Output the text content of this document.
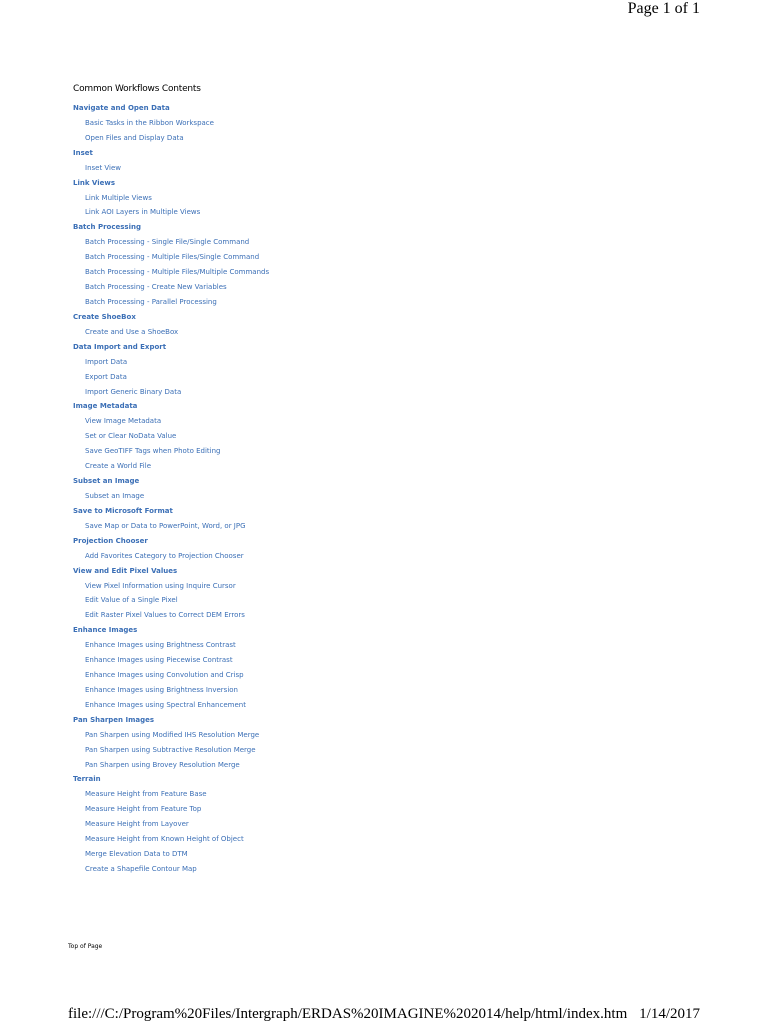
Page 1 of 1
Common Workflows Contents
Navigate and Open Data
Basic Tasks in the Ribbon Workspace
Open Files and Display Data
Inset
Inset View
Link Views
Link Multiple Views
Link AOI Layers in Multiple Views
Batch Processing
Batch Processing - Single File/Single Command
Batch Processing - Multiple Files/Single Command
Batch Processing - Multiple Files/Multiple Commands
Batch Processing - Create New Variables
Batch Processing - Parallel Processing
Create ShoeBox
Create and Use a ShoeBox
Data Import and Export
Import Data
Export Data
Import Generic Binary Data
Image Metadata
View Image Metadata
Set or Clear NoData Value
Save GeoTIFF Tags when Photo Editing
Create a World File
Subset an Image
Subset an Image
Save to Microsoft Format
Save Map or Data to PowerPoint, Word, or JPG
Projection Chooser
Add Favorites Category to Projection Chooser
View and Edit Pixel Values
View Pixel Information using Inquire Cursor
Edit Value of a Single Pixel
Edit Raster Pixel Values to Correct DEM Errors
Enhance Images
Enhance Images using Brightness Contrast
Enhance Images using Piecewise Contrast
Enhance Images using Convolution and Crisp
Enhance Images using Brightness Inversion
Enhance Images using Spectral Enhancement
Pan Sharpen Images
Pan Sharpen using Modified IHS Resolution Merge
Pan Sharpen using Subtractive Resolution Merge
Pan Sharpen using Brovey Resolution Merge
Terrain
Measure Height from Feature Base
Measure Height from Feature Top
Measure Height from Layover
Measure Height from Known Height of Object
Merge Elevation Data to DTM
Create a Shapefile Contour Map
Top of Page
file:///C:/Program%20Files/Intergraph/ERDAS%20IMAGINE%202014/help/html/index.htm 1/14/2017
